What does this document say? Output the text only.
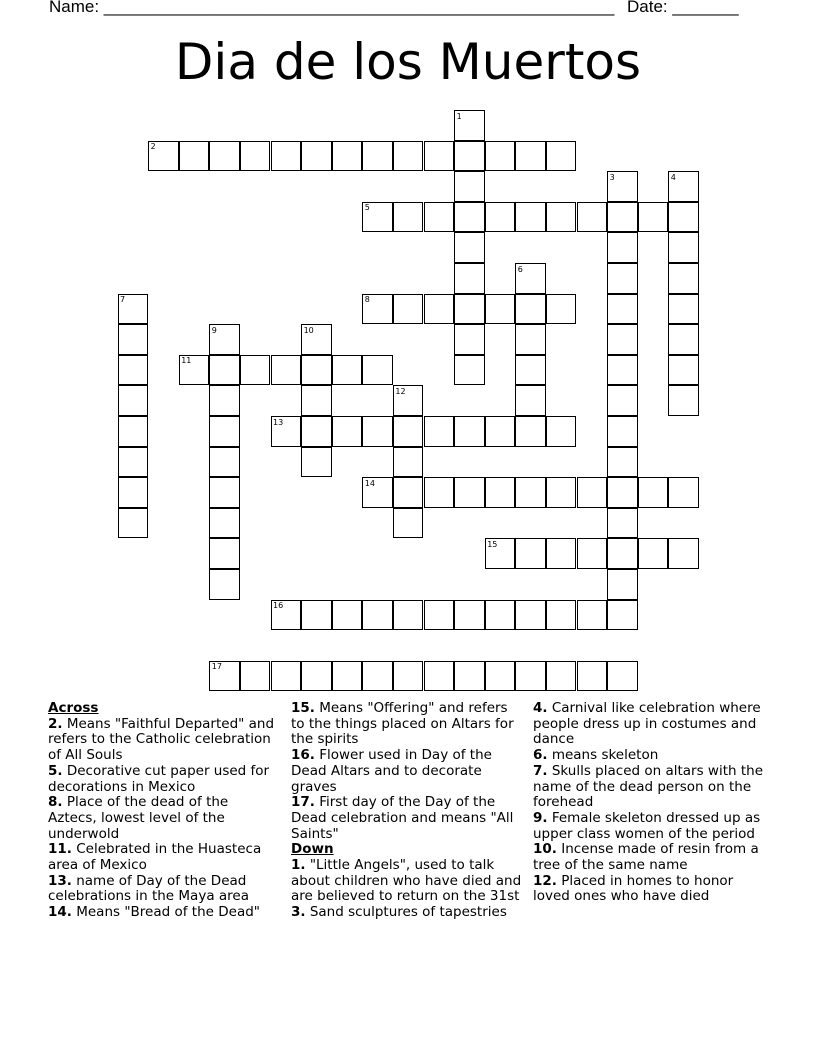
Name: ______________________________________________________ Date: _______
Dia de los Muertos
1
2
3	4
5
6
7	8
9	10
11
12
13
14
15
16
17
Across
2. Means "Faithful Departed" and refers to the Catholic celebration of All Souls
5. Decorative cut paper used for decorations in Mexico
8. Place of the dead of the Aztecs, lowest level of the underwold
11. Celebrated in the Huasteca area of Mexico
13. name of Day of the Dead celebrations in the Maya area
14. Means "Bread of the Dead"
15. Means "Offering" and refers to the things placed on Altars for the spirits
16. Flower used in Day of the Dead Altars and to decorate graves
17. First day of the Day of the Dead celebration and means "All Saints"
Down
1. "Little Angels", used to talk about children who have died and are believed to return on the 31st
3. Sand sculptures of tapestries
4. Carnival like celebration where people dress up in costumes and dance
6. means skeleton
7. Skulls placed on altars with the name of the dead person on the forehead
9. Female skeleton dressed up as upper class women of the period
10. Incense made of resin from a tree of the same name
12. Placed in homes to honor loved ones who have died
